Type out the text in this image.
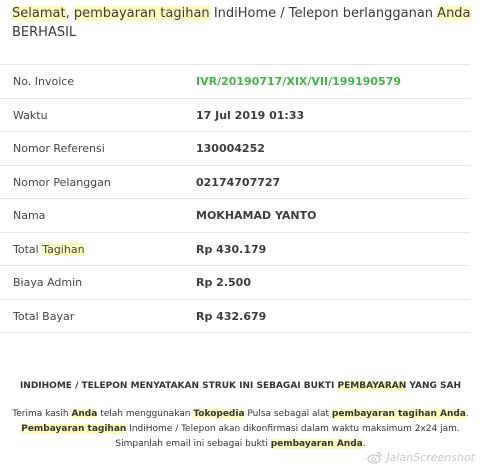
Selamat, pembayaran tagihan IndiHome / Telepon berlangganan Anda
BERHASIL
No. Invoice	IVR/20190717/XIX/VII/199190579
Waktu	17 Jul 2019 01:33
Nomor Referensi	130004252
Nomor Pelanggan	02174707727
Nama	MOKHAMAD YANTO
Total Tagihan	Rp 430.179
Biaya Admin	Rp 2.500
Total Bayar	Rp 432.679
INDIHOME / TELEPON MENYATAKAN STRUK INI SEBAGAI BUKTI PEMBAYARAN YANG SAH
Terima kasih Anda telah menggunakan Tokopedia Pulsa sebagai alat pembayaran tagihan Anda.
Pembayaran tagihan IndiHome / Telepon akan dikonfirmasi dalam waktu maksimum 2x24 jam.
Simpanlah email ini sebagai bukti pembayaran Anda.
JalanScreenshot
